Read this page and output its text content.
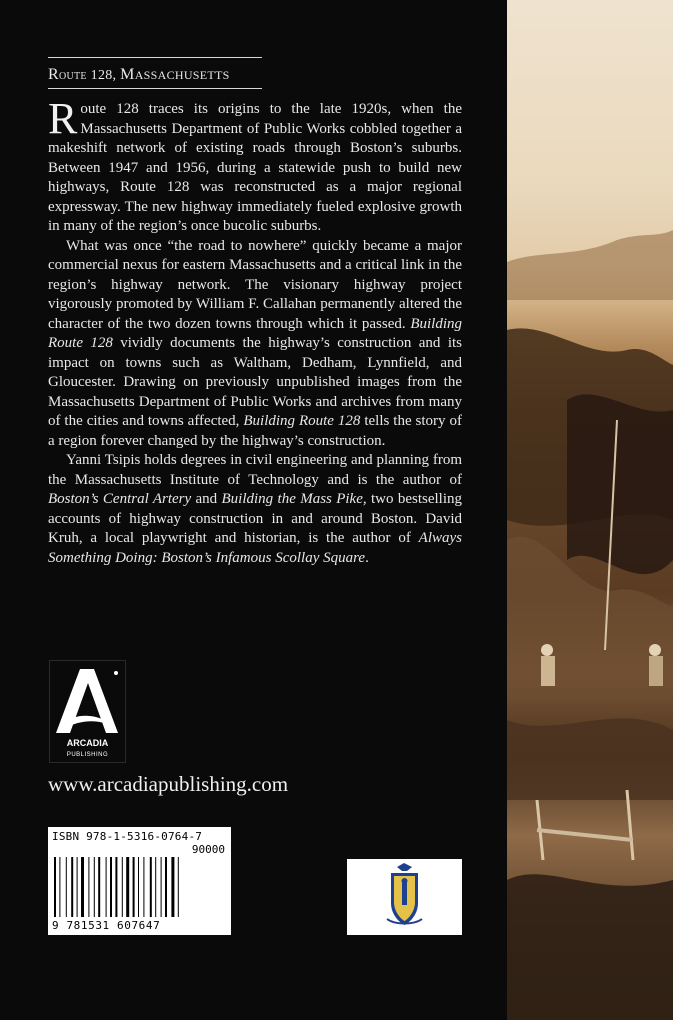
Route 128, MASSACHUSETTS

Route 128 traces its origins to the late 1920s, when the Massachusetts Department of Public Works cobbled together a makeshift network of existing roads through Boston’s suburbs. Between 1947 and 1956, during a statewide push to build new highways, Route 128 was reconstructed as a major regional expressway. The new highway immediately fueled explosive growth in many of the region’s once bucolic suburbs.

What was once “the road to nowhere” quickly became a major commercial nexus for eastern Massachusetts and a critical link in the region’s highway network. The visionary highway project vigorously promoted by William F. Callahan permanently altered the character of the two dozen towns through which it passed. Building Route 128 vividly documents the highway’s construction and its impact on towns such as Waltham, Dedham, Lynnfield, and Gloucester. Drawing on previously unpublished images from the Massachusetts Department of Public Works and archives from many of the cities and towns affected, Building Route 128 tells the story of a region forever changed by the highway’s construction.

Yanni Tsipis holds degrees in civil engineering and planning from the Massachusetts Institute of Technology and is the author of Boston’s Central Artery and Building the Mass Pike, two bestselling accounts of highway construction in and around Boston. David Kruh, a local playwright and historian, is the author of Always Something Doing: Boston’s Infamous Scollay Square.

ARCADIA
PUBLISHING
www.arcadiapublishing.com
ISBN 978-1-5316-0764-7
90000
9 781531 607647
